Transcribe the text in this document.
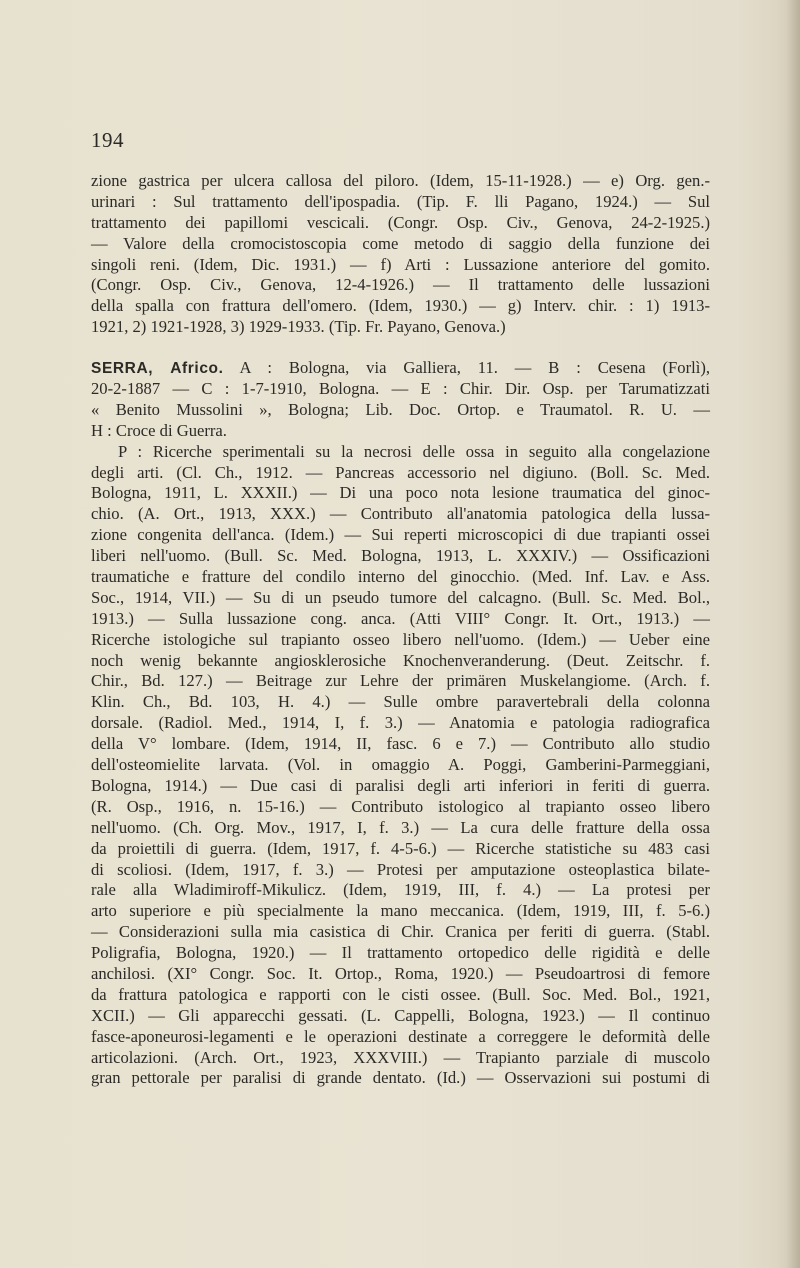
194
zione gastrica per ulcera callosa del piloro. (Idem, 15-11-1928.) — e) Org. gen.-
urinari : Sul trattamento dell'ipospadia. (Tip. F. lli Pagano, 1924.) — Sul
trattamento dei papillomi vescicali. (Congr. Osp. Civ., Genova, 24-2-1925.)
— Valore della cromocistoscopia come metodo di saggio della funzione dei
singoli reni. (Idem, Dic. 1931.) — f) Arti : Lussazione anteriore del gomito.
(Congr. Osp. Civ., Genova, 12-4-1926.) — Il trattamento delle lussazioni
della spalla con frattura dell'omero. (Idem, 1930.) — g) Interv. chir. : 1) 1913-
1921, 2) 1921-1928, 3) 1929-1933. (Tip. Fr. Payano, Genova.)
SERRA, Africo. A : Bologna, via Galliera, 11. — B : Cesena (Forlì),
20-2-1887 — C : 1-7-1910, Bologna. — E : Chir. Dir. Osp. per Tarumatizzati
« Benito Mussolini », Bologna; Lib. Doc. Ortop. e Traumatol. R. U. —
H : Croce di Guerra.
P : Ricerche sperimentali su la necrosi delle ossa in seguito alla congelazione
degli arti. (Cl. Ch., 1912. — Pancreas accessorio nel digiuno. (Boll. Sc. Med.
Bologna, 1911, L. XXXII.) — Di una poco nota lesione traumatica del ginoc-
chio. (A. Ort., 1913, XXX.) — Contributo all'anatomia patologica della lussa-
zione congenita dell'anca. (Idem.) — Sui reperti microscopici di due trapianti ossei
liberi nell'uomo. (Bull. Sc. Med. Bologna, 1913, L. XXXIV.) — Ossificazioni
traumatiche e fratture del condilo interno del ginocchio. (Med. Inf. Lav. e Ass.
Soc., 1914, VII.) — Su di un pseudo tumore del calcagno. (Bull. Sc. Med. Bol.,
1913.) — Sulla lussazione cong. anca. (Atti VIII° Congr. It. Ort., 1913.) —
Ricerche istologiche sul trapianto osseo libero nell'uomo. (Idem.) — Ueber eine
noch wenig bekannte angiosklerosiche Knochenveranderung. (Deut. Zeitschr. f.
Chir., Bd. 127.) — Beitrage zur Lehre der primären Muskelangiome. (Arch. f.
Klin. Ch., Bd. 103, H. 4.) — Sulle ombre paravertebrali della colonna
dorsale. (Radiol. Med., 1914, I, f. 3.) — Anatomia e patologia radiografica
della V° lombare. (Idem, 1914, II, fasc. 6 e 7.) — Contributo allo studio
dell'osteomielite larvata. (Vol. in omaggio A. Poggi, Gamberini-Parmeggiani,
Bologna, 1914.) — Due casi di paralisi degli arti inferiori in feriti di guerra.
(R. Osp., 1916, n. 15-16.) — Contributo istologico al trapianto osseo libero
nell'uomo. (Ch. Org. Mov., 1917, I, f. 3.) — La cura delle fratture della ossa
da proiettili di guerra. (Idem, 1917, f. 4-5-6.) — Ricerche statistiche su 483 casi
di scoliosi. (Idem, 1917, f. 3.) — Protesi per amputazione osteoplastica bilate-
rale alla Wladimiroff-Mikulicz. (Idem, 1919, III, f. 4.) — La protesi per
arto superiore e più specialmente la mano meccanica. (Idem, 1919, III, f. 5-6.)
— Considerazioni sulla mia casistica di Chir. Cranica per feriti di guerra. (Stabl.
Poligrafia, Bologna, 1920.) — Il trattamento ortopedico delle rigidità e delle
anchilosi. (XI° Congr. Soc. It. Ortop., Roma, 1920.) — Pseudoartrosi di femore
da frattura patologica e rapporti con le cisti ossee. (Bull. Soc. Med. Bol., 1921,
XCII.) — Gli apparecchi gessati. (L. Cappelli, Bologna, 1923.) — Il continuo
fasce-aponeurosi-legamenti e le operazioni destinate a correggere le deformità delle
articolazioni. (Arch. Ort., 1923, XXXVIII.) — Trapianto parziale di muscolo
gran pettorale per paralisi di grande dentato. (Id.) — Osservazioni sui postumi di
